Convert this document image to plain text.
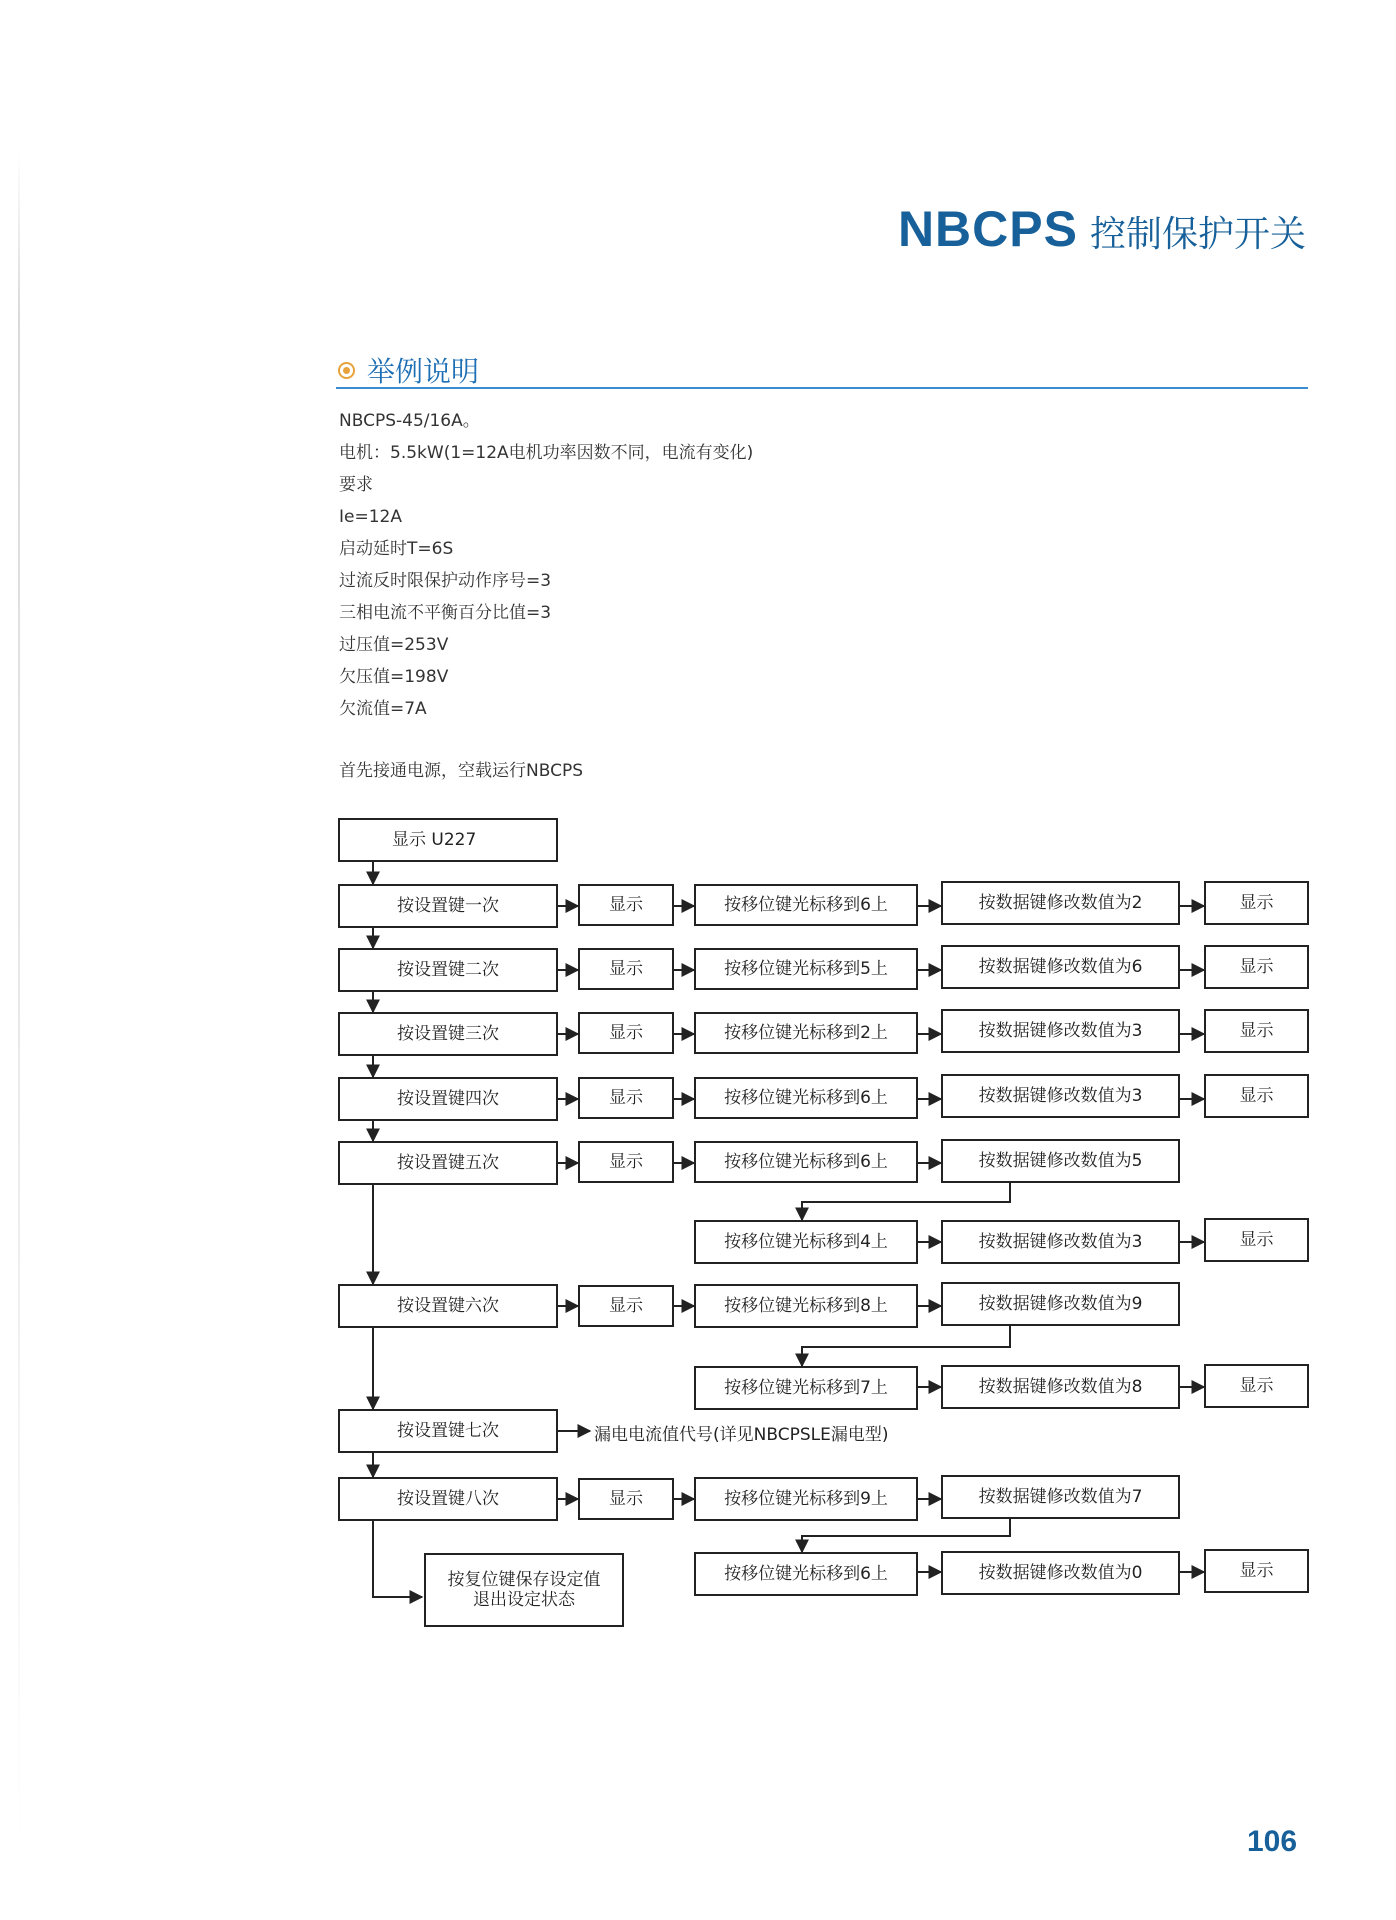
NBCPS 控制保护开关
举例说明
NBCPS-45/16A。
电机：5.5kW(1=12A电机功率因数不同，电流有变化)
要求
Ie=12A
启动延时T=6S
过流反时限保护动作序号=3
三相电流不平衡百分比值=3
过压值=253V
欠压值=198V
欠流值=7A
首先接通电源，空载运行NBCPS
显示 U227
按设置键一次	显示	按移位键光标移到6上	按数据键修改数值为2	显示
按设置键二次	显示	按移位键光标移到5上	按数据键修改数值为6	显示
按设置键三次	显示	按移位键光标移到2上	按数据键修改数值为3	显示
按设置键四次	显示	按移位键光标移到6上	按数据键修改数值为3	显示
按设置键五次	显示	按移位键光标移到6上	按数据键修改数值为5
按移位键光标移到4上	按数据键修改数值为3	显示
按设置键六次	显示	按移位键光标移到8上	按数据键修改数值为9
按移位键光标移到7上	按数据键修改数值为8	显示
按设置键七次	漏电电流值代号(详见NBCPSLE漏电型)
按设置键八次	显示	按移位键光标移到9上	按数据键修改数值为7
按移位键光标移到6上	按数据键修改数值为0	显示
按复位键保存设定值
退出设定状态
106
